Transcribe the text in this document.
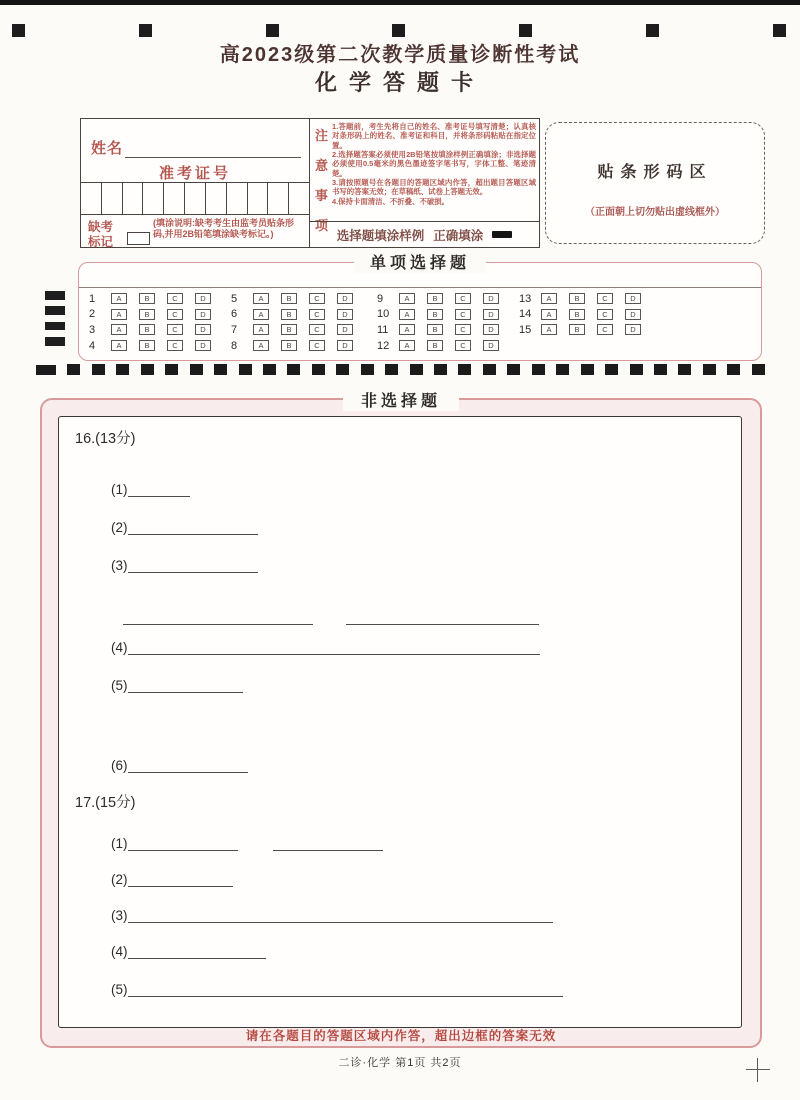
高2023级第二次教学质量诊断性考试
化学答题卡
姓名
准考证号
缺考
标记
(填涂说明:缺考考生由监考员贴条形码,并用2B铅笔填涂缺考标记。)
注
意
事
项
1.答题前，考生先将自己的姓名、准考证号填写清楚；认真核对条形码上的姓名、准考证和科目，并将条形码粘贴在指定位置。
2.选择题答案必须使用2B铅笔按填涂样例正确填涂；非选择题必须使用0.5毫米的黑色墨迹签字笔书写，字体工整、笔迹清楚。
3.请按照题号在各题目的答题区域内作答，超出题目答题区域书写的答案无效；在草稿纸、试卷上答题无效。
4.保持卡面清洁、不折叠、不破损。
选择题填涂样例 正确填涂
贴条形码区
（正面朝上切勿贴出虚线框外）
单项选择题
1	A	B	C	D
2	A	B	C	D
3	A	B	C	D
4	A	B	C	D
5	A	B	C	D
6	A	B	C	D
7	A	B	C	D
8	A	B	C	D
9	A	B	C	D
10	A	B	C	D
11	A	B	C	D
12	A	B	C	D
13	A	B	C	D
14	A	B	C	D
15	A	B	C	D
非选择题
16.(13分)
(1)
(2)
(3)
(4)
(5)
(6)
17.(15分)
(1)
(2)
(3)
(4)
(5)
请在各题目的答题区域内作答，超出边框的答案无效
二诊·化学 第1页 共2页
